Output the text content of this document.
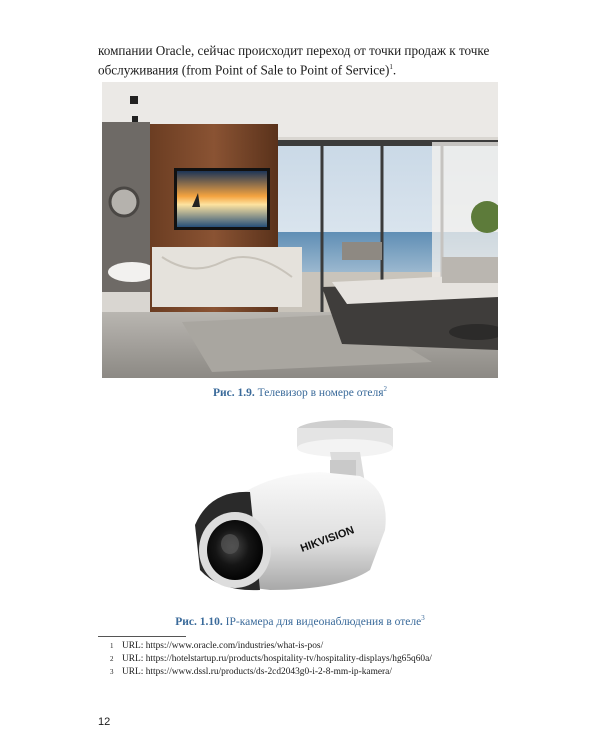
компании Oracle, сейчас происходит переход от точки продаж к точке обслуживания (from Point of Sale to Point of Service)$^1$.

Рис. 1.9. Телевизор в номере отеля$^2$

HIKVISION

Рис. 1.10. IP-камера для видеонаблюдения в отеле$^3$

1 URL: https://www.oracle.com/industries/what-is-pos/
2 URL: https://hotelstartup.ru/products/hospitality-tv/hospitality-displays/hg65q60a/
3 URL: https://www.dssl.ru/products/ds-2cd2043g0-i-2-8-mm-ip-kamera/
12
